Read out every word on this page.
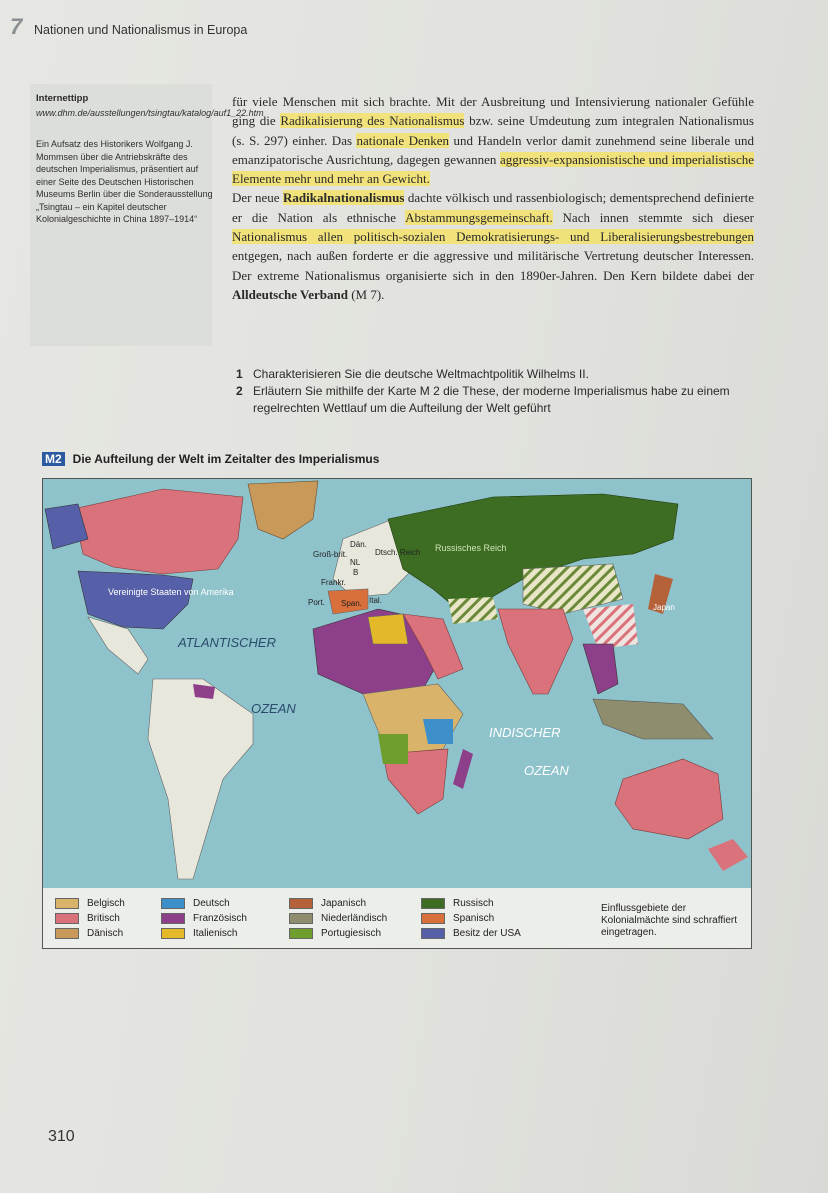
7 Nationen und Nationalismus in Europa
Internettipp
www.dhm.de/ausstellungen/tsingtau/katalog/auf1_22.htm
Ein Aufsatz des Historikers Wolfgang J. Mommsen über die Antriebskräfte des deutschen Imperialismus, präsentiert auf einer Seite des Deutschen Historischen Museums Berlin über die Sonderausstellung „Tsingtau – ein Kapitel deutscher Kolonialgeschichte in China 1897–1914“

für viele Menschen mit sich brachte. Mit der Ausbreitung und Intensivierung nationaler Gefühle ging die Radikalisierung des Nationalismus bzw. seine Umdeutung zum integralen Nationalismus (s. S. 297) einher. Das nationale Denken und Handeln verlor damit zunehmend seine liberale und emanzipatorische Ausrichtung, dagegen gewannen aggressiv-expansionistische und imperialistische Elemente mehr und mehr an Gewicht.

Der neue Radikalnationalismus dachte völkisch und rassenbiologisch; dementsprechend definierte er die Nation als ethnische Abstammungsgemeinschaft. Nach innen stemmte sich dieser Nationalismus allen politisch-sozialen Demokratisierungs- und Liberalisierungsbestrebungen entgegen, nach außen forderte er die aggressive und militärische Vertretung deutscher Interessen. Der extreme Nationalismus organisierte sich in den 1890er-Jahren. Den Kern bildete dabei der Alldeutsche Verband (M 7).

1 Charakterisieren Sie die deutsche Weltmachtpolitik Wilhelms II.
2 Erläutern Sie mithilfe der Karte M 2 die These, der moderne Imperialismus habe zu einem regelrechten Wettlauf um die Aufteilung der Welt geführt
M2 Die Aufteilung der Welt im Zeitalter des Imperialismus
Vereinigte Staaten von Amerika
ATLANTISCHER
OZEAN
INDISCHER
OZEAN
Russisches Reich
Japan
Groß-brit.
Dän.
NL
B
Dtsch. Reich
Frankr.
Port. Span. Ital.
Belgisch
Britisch
Dänisch
Deutsch
Französisch
Italienisch
Japanisch
Niederländisch
Portugiesisch
Russisch
Spanisch
Besitz der USA
Einflussgebiete der Kolonialmächte sind schraffiert eingetragen.
310
